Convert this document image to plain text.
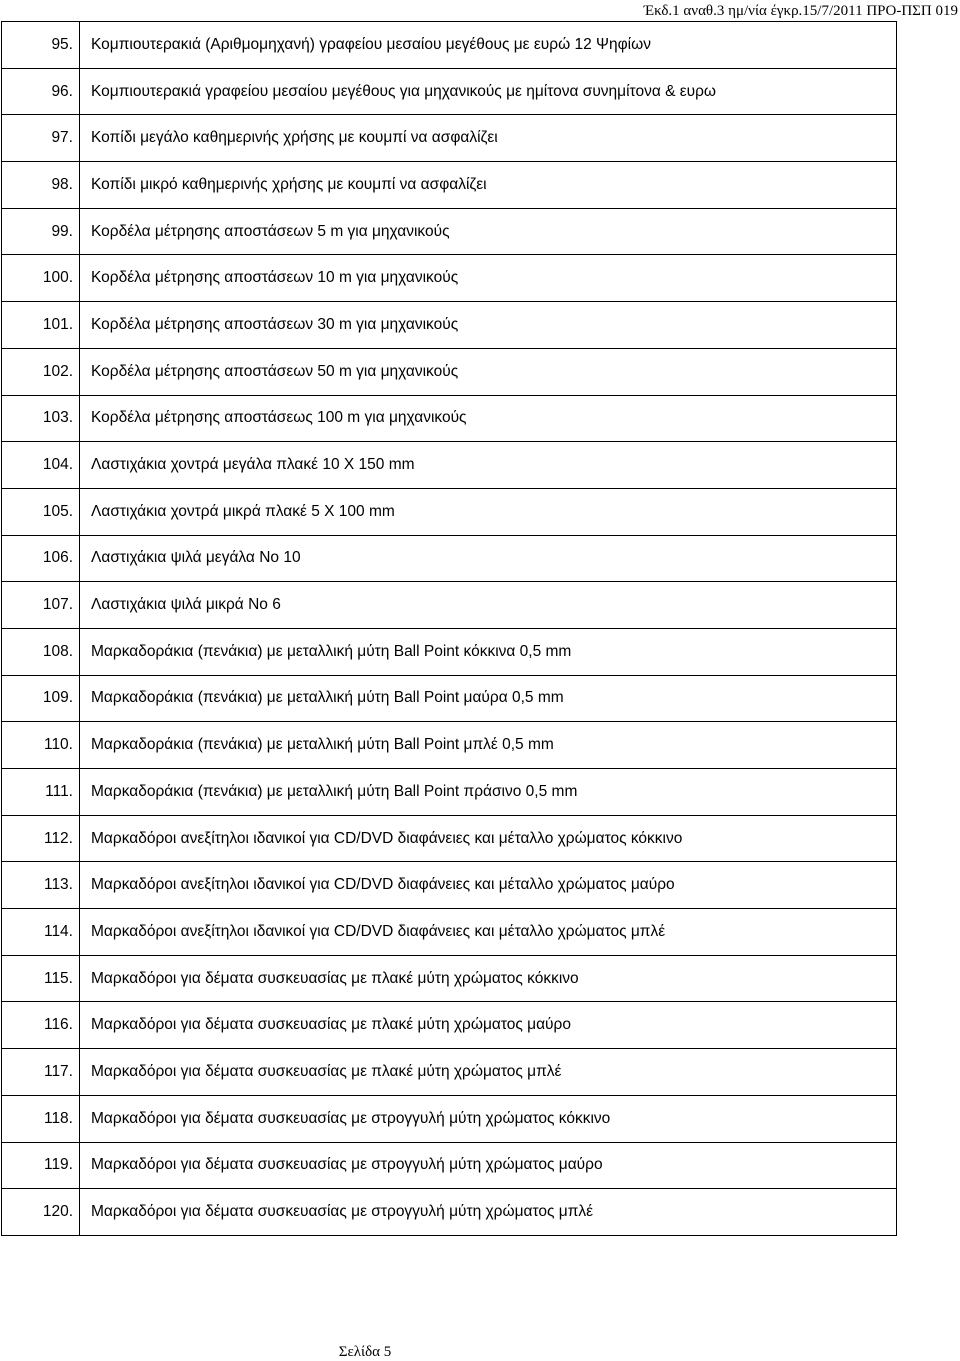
Έκδ.1 αναθ.3 ημ/νία έγκρ.15/7/2011 ΠΡΟ-ΠΣΠ 019
95.	Κομπιουτερακιά (Αριθμομηχανή) γραφείου μεσαίου μεγέθους με ευρώ 12 Ψηφίων
96.	Κομπιουτερακιά γραφείου μεσαίου μεγέθους για μηχανικούς με ημίτονα συνημίτονα & ευρω
97.	Κοπίδι μεγάλο καθημερινής χρήσης με κουμπί να ασφαλίζει
98.	Κοπίδι μικρό καθημερινής χρήσης με κουμπί να ασφαλίζει
99.	Κορδέλα μέτρησης αποστάσεων 5 m για μηχανικούς
100.	Κορδέλα μέτρησης αποστάσεων 10 m για μηχανικούς
101.	Κορδέλα μέτρησης αποστάσεων 30 m για μηχανικούς
102.	Κορδέλα μέτρησης αποστάσεων 50 m για μηχανικούς
103.	Κορδέλα μέτρησης αποστάσεως 100 m για μηχανικούς
104.	Λαστιχάκια χοντρά μεγάλα πλακέ 10 X 150 mm
105.	Λαστιχάκια χοντρά μικρά πλακέ 5 X 100 mm
106.	Λαστιχάκια ψιλά μεγάλα Νο 10
107.	Λαστιχάκια ψιλά μικρά Νο 6
108.	Μαρκαδοράκια (πενάκια) με μεταλλική μύτη Ball Point κόκκινα 0,5 mm
109.	Μαρκαδοράκια (πενάκια) με μεταλλική μύτη Ball Point μαύρα 0,5 mm
110.	Μαρκαδοράκια (πενάκια) με μεταλλική μύτη Ball Point μπλέ 0,5 mm
111.	Μαρκαδοράκια (πενάκια) με μεταλλική μύτη Ball Point πράσινο 0,5 mm
112.	Μαρκαδόροι ανεξίτηλοι ιδανικοί για CD/DVD διαφάνειες και μέταλλο χρώματος κόκκινο
113.	Μαρκαδόροι ανεξίτηλοι ιδανικοί για CD/DVD διαφάνειες και μέταλλο χρώματος μαύρο
114.	Μαρκαδόροι ανεξίτηλοι ιδανικοί για CD/DVD διαφάνειες και μέταλλο χρώματος μπλέ
115.	Μαρκαδόροι για δέματα συσκευασίας με πλακέ μύτη χρώματος κόκκινο
116.	Μαρκαδόροι για δέματα συσκευασίας με πλακέ μύτη χρώματος μαύρο
117.	Μαρκαδόροι για δέματα συσκευασίας με πλακέ μύτη χρώματος μπλέ
118.	Μαρκαδόροι για δέματα συσκευασίας με στρογγυλή μύτη χρώματος κόκκινο
119.	Μαρκαδόροι για δέματα συσκευασίας με στρογγυλή μύτη χρώματος μαύρο
120.	Μαρκαδόροι για δέματα συσκευασίας με στρογγυλή μύτη χρώματος μπλέ
Σελίδα 5
